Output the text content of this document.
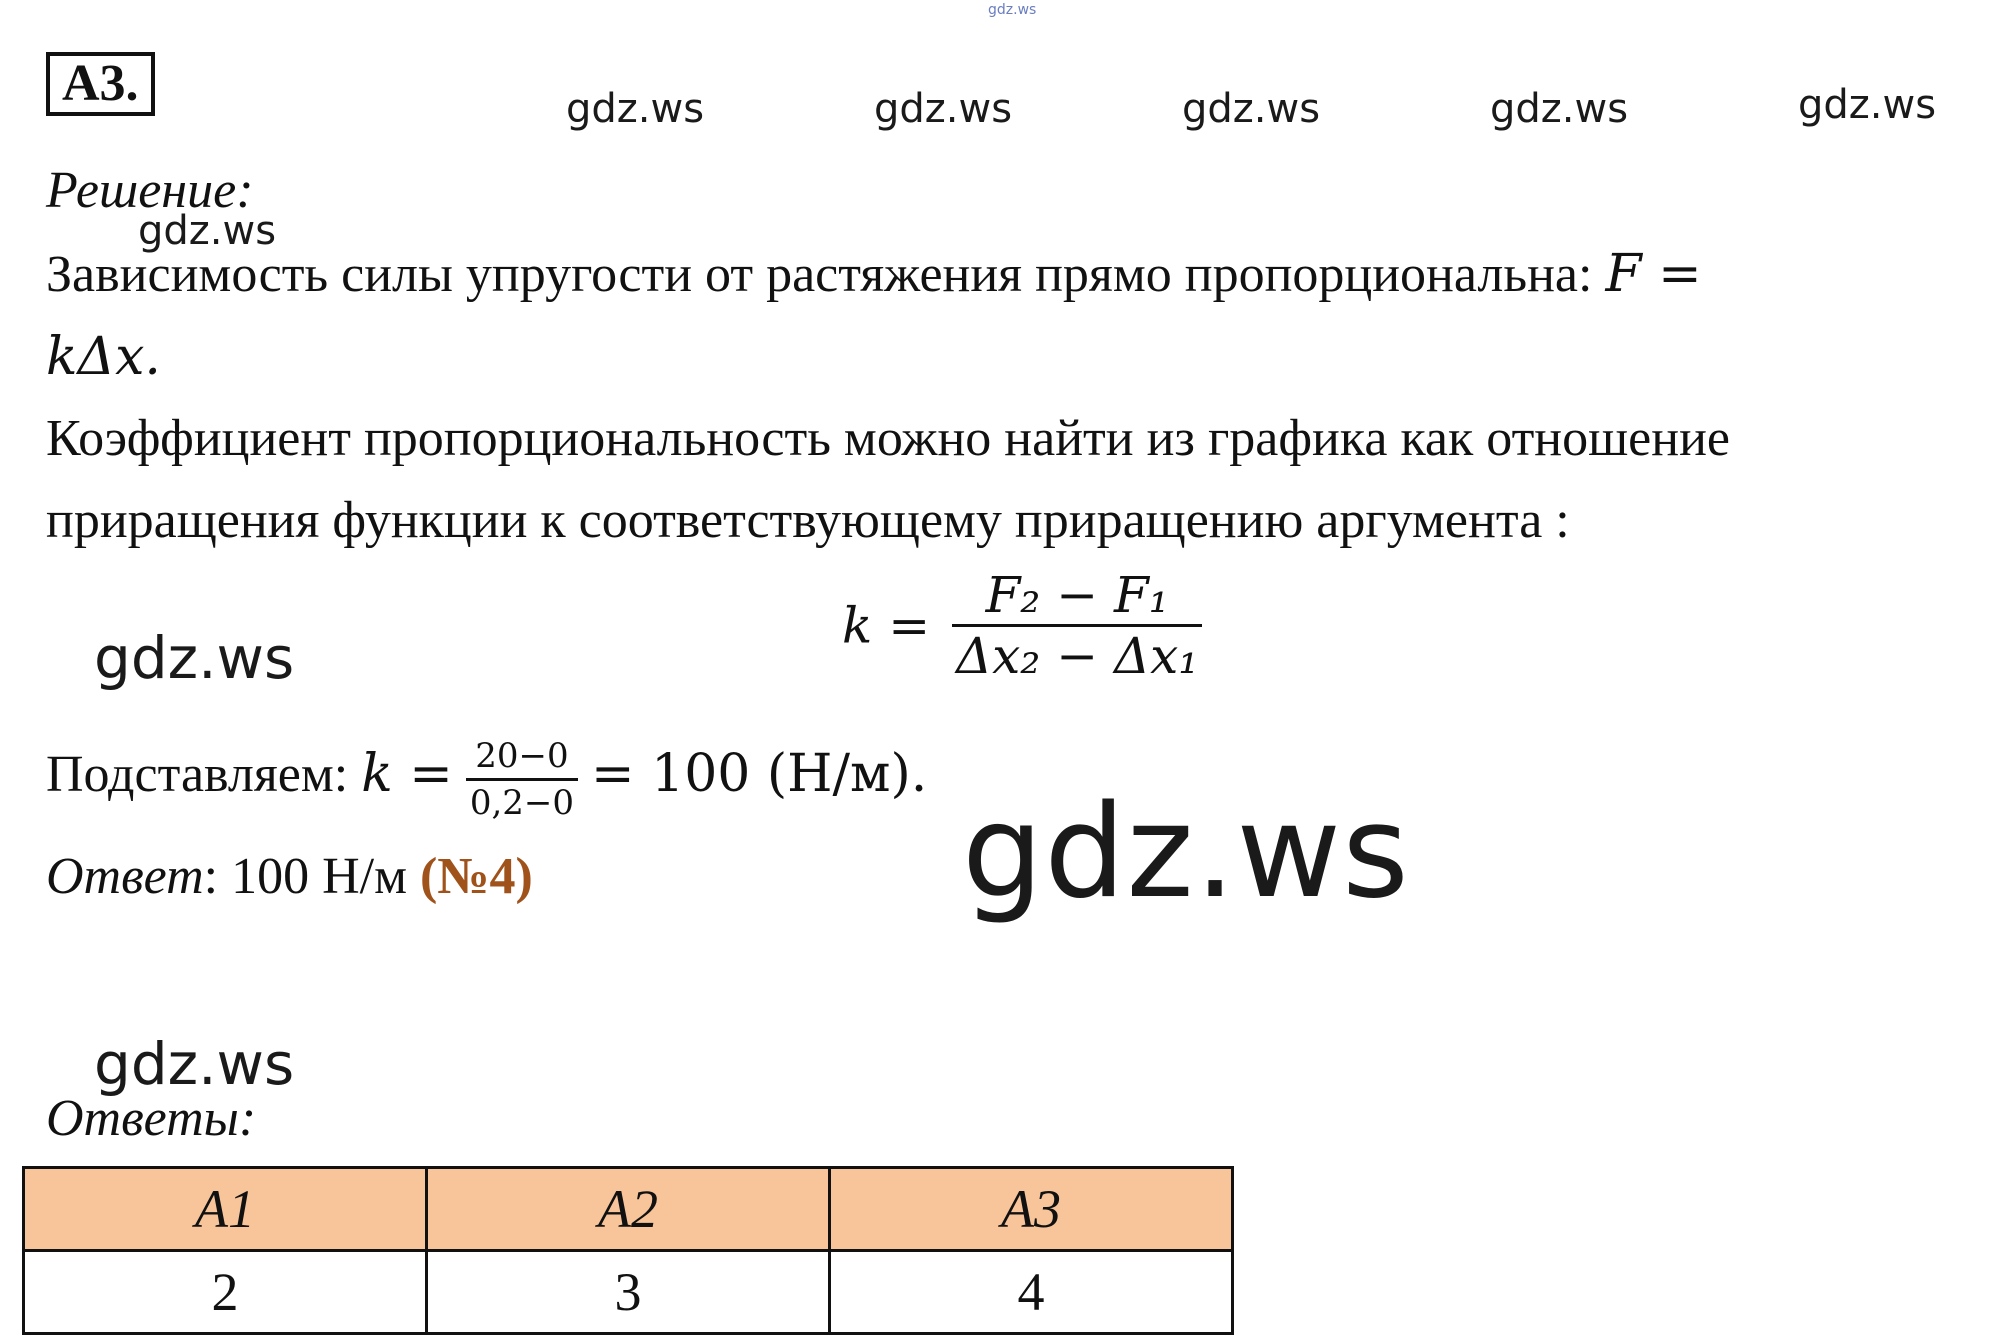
gdz.ws
gdz.ws	gdz.ws	gdz.ws	gdz.ws	gdz.ws
А3.
Решение:
gdz.ws
Зависимость силы упругости от растяжения прямо пропорциональна: F =
kΔx.
Коэффициент пропорциональность можно найти из графика как отношение
приращения функции к соответствующему приращению аргумента :
$k = \frac{\text{F₂ − F₁}}{\text{Δx₂ − Δx₁}}$
gdz.ws
Подставляем: $k = \frac{20-0}{0,2-0} = 100$ (Н/м).
Ответ: 100 Н/м (№4)	gdz.ws
gdz.ws
Ответы:
A1	A2	A3
2	3	4
